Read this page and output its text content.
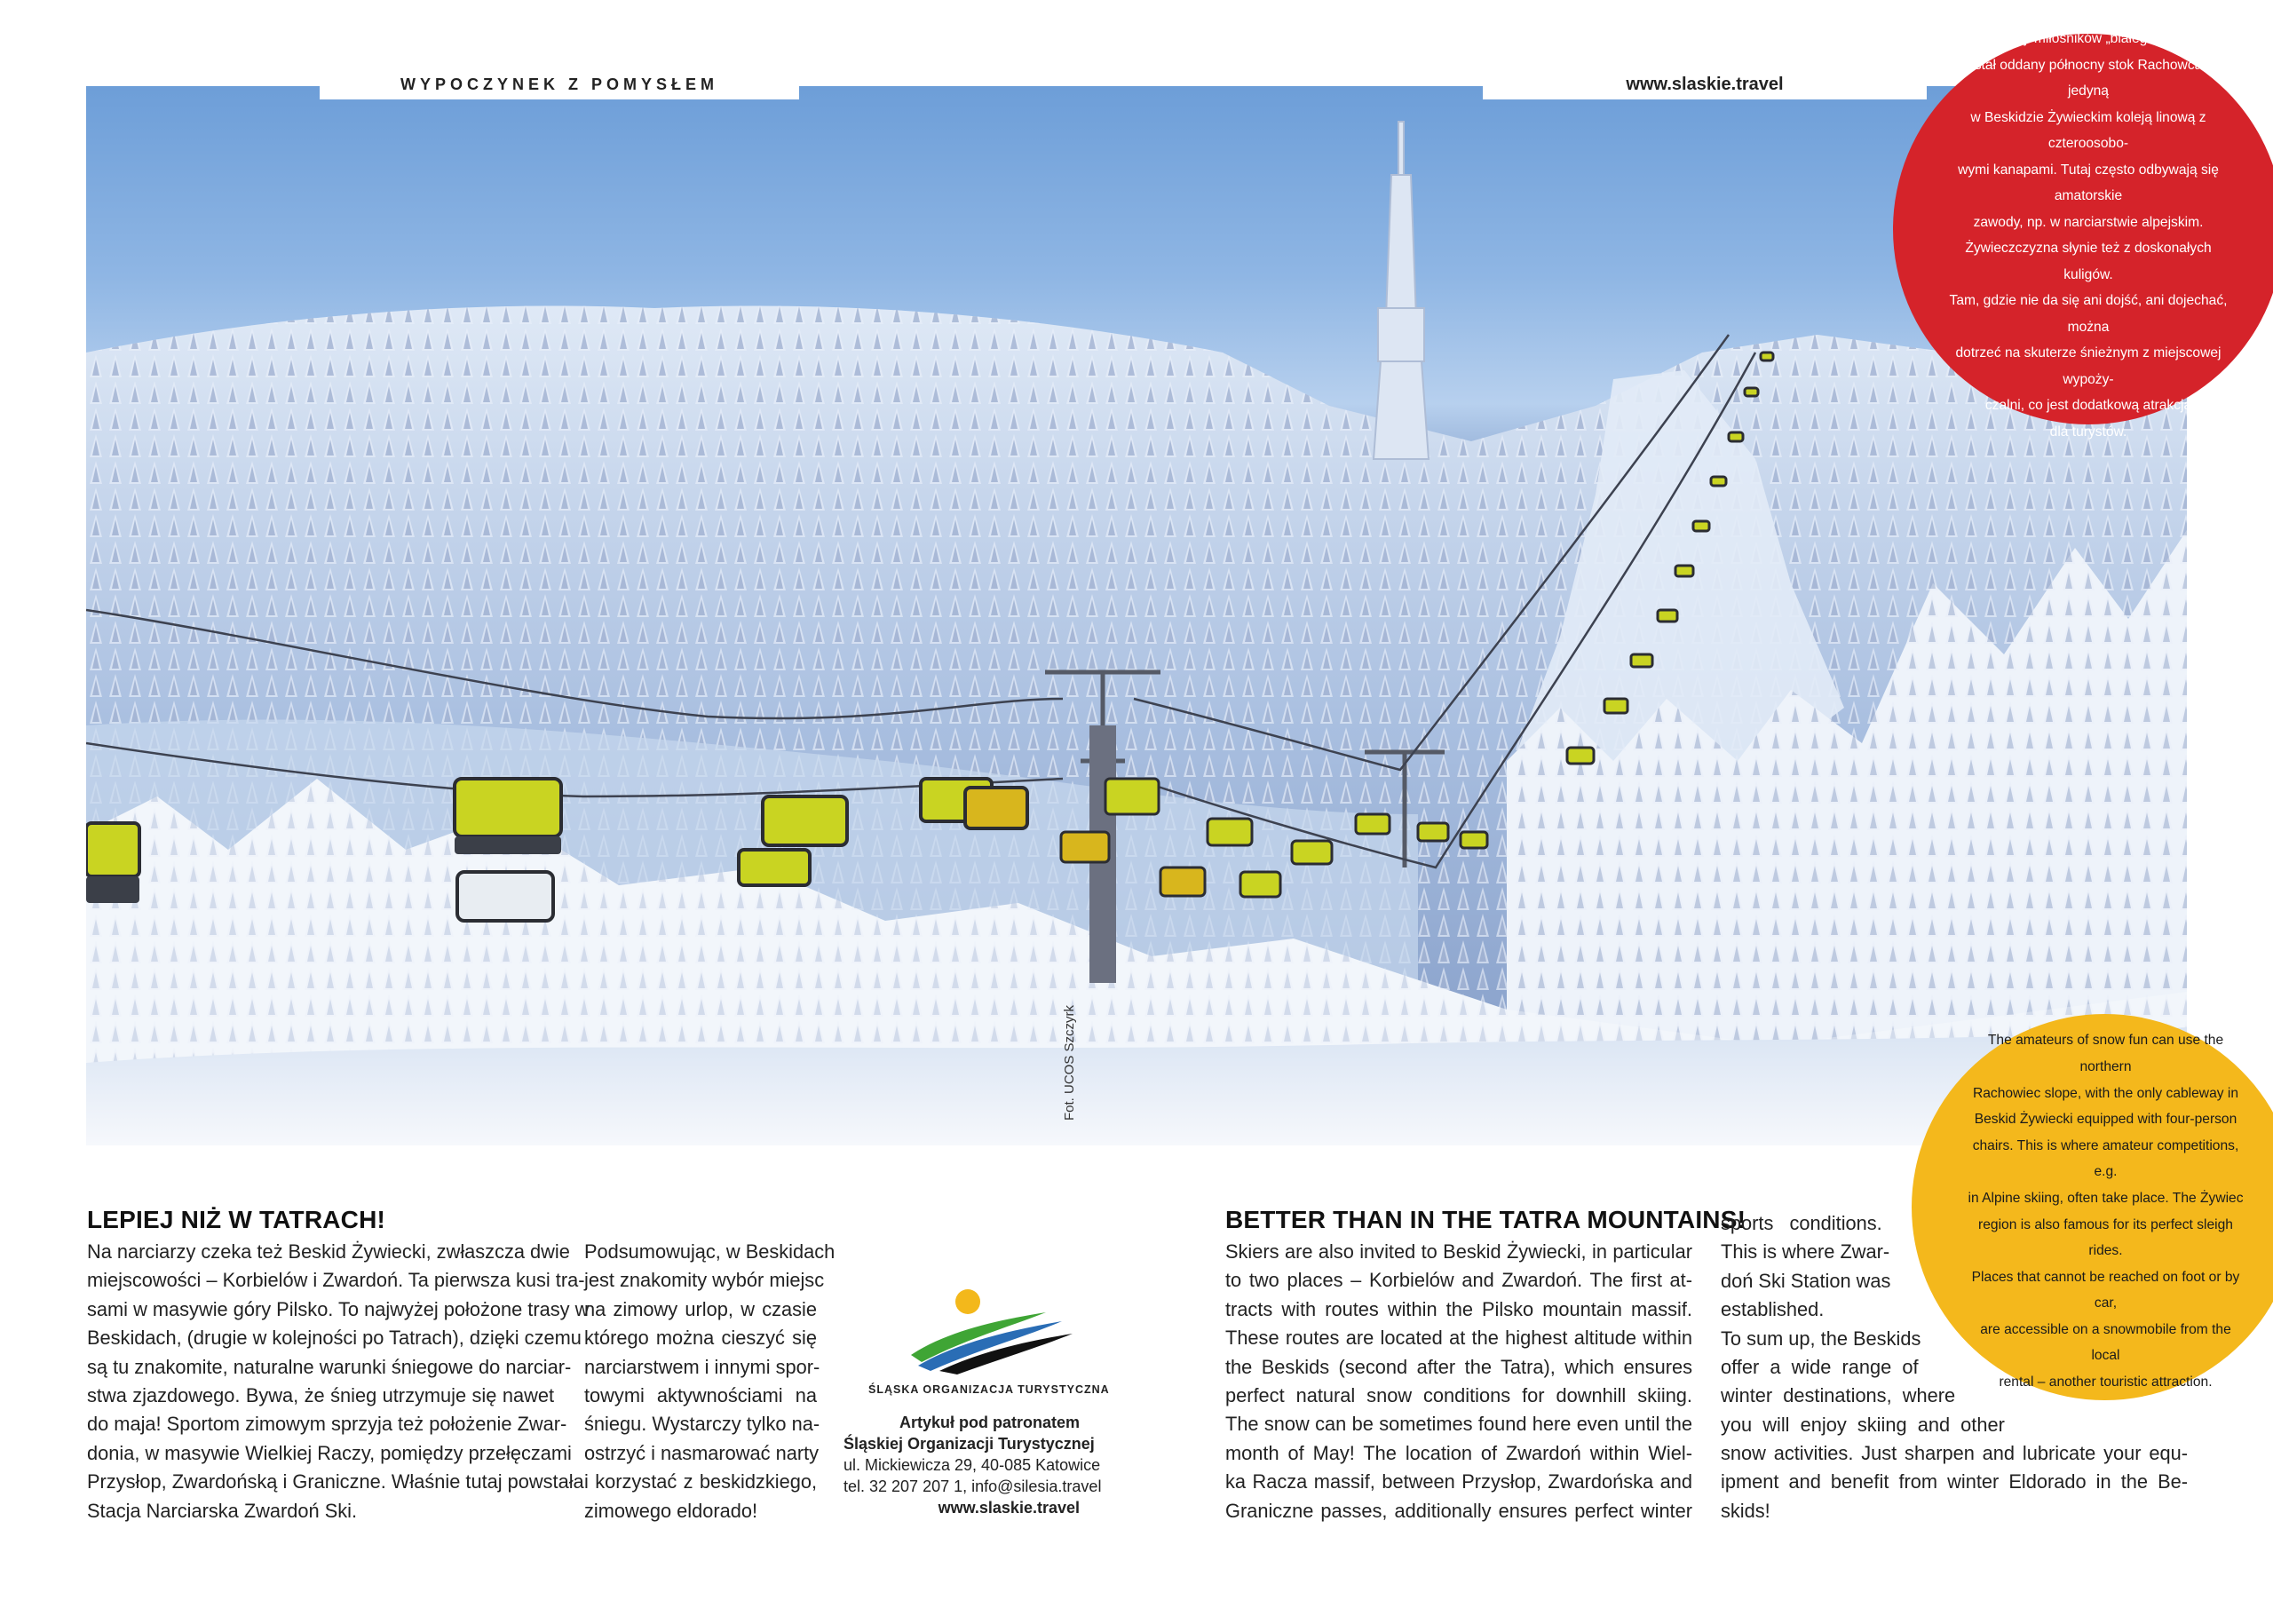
WYPOCZYNEK Z POMYSŁEM	www.slaskie.travel
Fot. UCOS Szczyrk
Do dyspozycji miłośników „białego szaleństwa”
został oddany północny stok Rachowca, z jedyną
w Beskidzie Żywieckim koleją linową z czteroosobo-
wymi kanapami. Tutaj często odbywają się amatorskie
zawody, np. w narciarstwie alpejskim.
Żywieczczyzna słynie też z doskonałych kuligów.
Tam, gdzie nie da się ani dojść, ani dojechać, można
dotrzeć na skuterze śnieżnym z miejscowej wypoży-
czalni, co jest dodatkową atrakcją
dla turystów.
The amateurs of snow fun can use the northern
Rachowiec slope, with the only cableway in
Beskid Żywiecki equipped with four-person
chairs. This is where amateur competitions, e.g.
in Alpine skiing, often take place. The Żywiec
region is also famous for its perfect sleigh rides.
Places that cannot be reached on foot or by car,
are accessible on a snowmobile from the local
rental – another touristic attraction.
LEPIEJ NIŻ W TATRACH!
Na narciarzy czeka też Beskid Żywiecki, zwłaszcza dwie
miejscowości – Korbielów i Zwardoń. Ta pierwsza kusi tra-
sami w masywie góry Pilsko. To najwyżej położone trasy w
Beskidach, (drugie w kolejności po Tatrach), dzięki czemu
są tu znakomite, naturalne warunki śniegowe do narciar-
stwa zjazdowego. Bywa, że śnieg utrzymuje się nawet
do maja! Sportom zimowym sprzyja też położenie Zwar-
donia, w masywie Wielkiej Raczy, pomiędzy przełęczami
Przysłop, Zwardońską i Graniczne. Właśnie tutaj powstała
Stacja Narciarska Zwardoń Ski.
Podsumowując, w Beskidach
jest znakomity wybór miejsc
na zimowy urlop, w czasie
którego można cieszyć się
narciarstwem i innymi spor-
towymi aktywnościami na
śniegu. Wystarczy tylko na-
ostrzyć i nasmarować narty
i korzystać z beskidzkiego,
zimowego eldorado!
ŚLĄSKA ORGANIZACJA TURYSTYCZNA
Artykuł pod patronatem
Śląskiej Organizacji Turystycznej
ul. Mickiewicza 29, 40-085 Katowice
tel. 32 207 207 1, info@silesia.travel
www.slaskie.travel
BETTER THAN IN THE TATRA MOUNTAINS!
Skiers are also invited to Beskid Żywiecki, in particular
to two places – Korbielów and Zwardoń. The first at-
tracts with routes within the Pilsko mountain massif.
These routes are located at the highest altitude within
the Beskids (second after the Tatra), which ensures
perfect natural snow conditions for downhill skiing.
The snow can be sometimes found here even until the
month of May! The location of Zwardoń within Wiel-
ka Racza massif, between Przysłop, Zwardońska and
Graniczne passes, additionally ensures perfect winter
sports   conditions.
This is where Zwar-
doń Ski Station was
established.
To sum up, the Beskids
offer  a  wide  range  of
winter  destinations,  where
you  will  enjoy  skiing  and  other
snow activities. Just sharpen and lubricate your equ-
ipment and benefit from winter Eldorado in the Be-
skids!
